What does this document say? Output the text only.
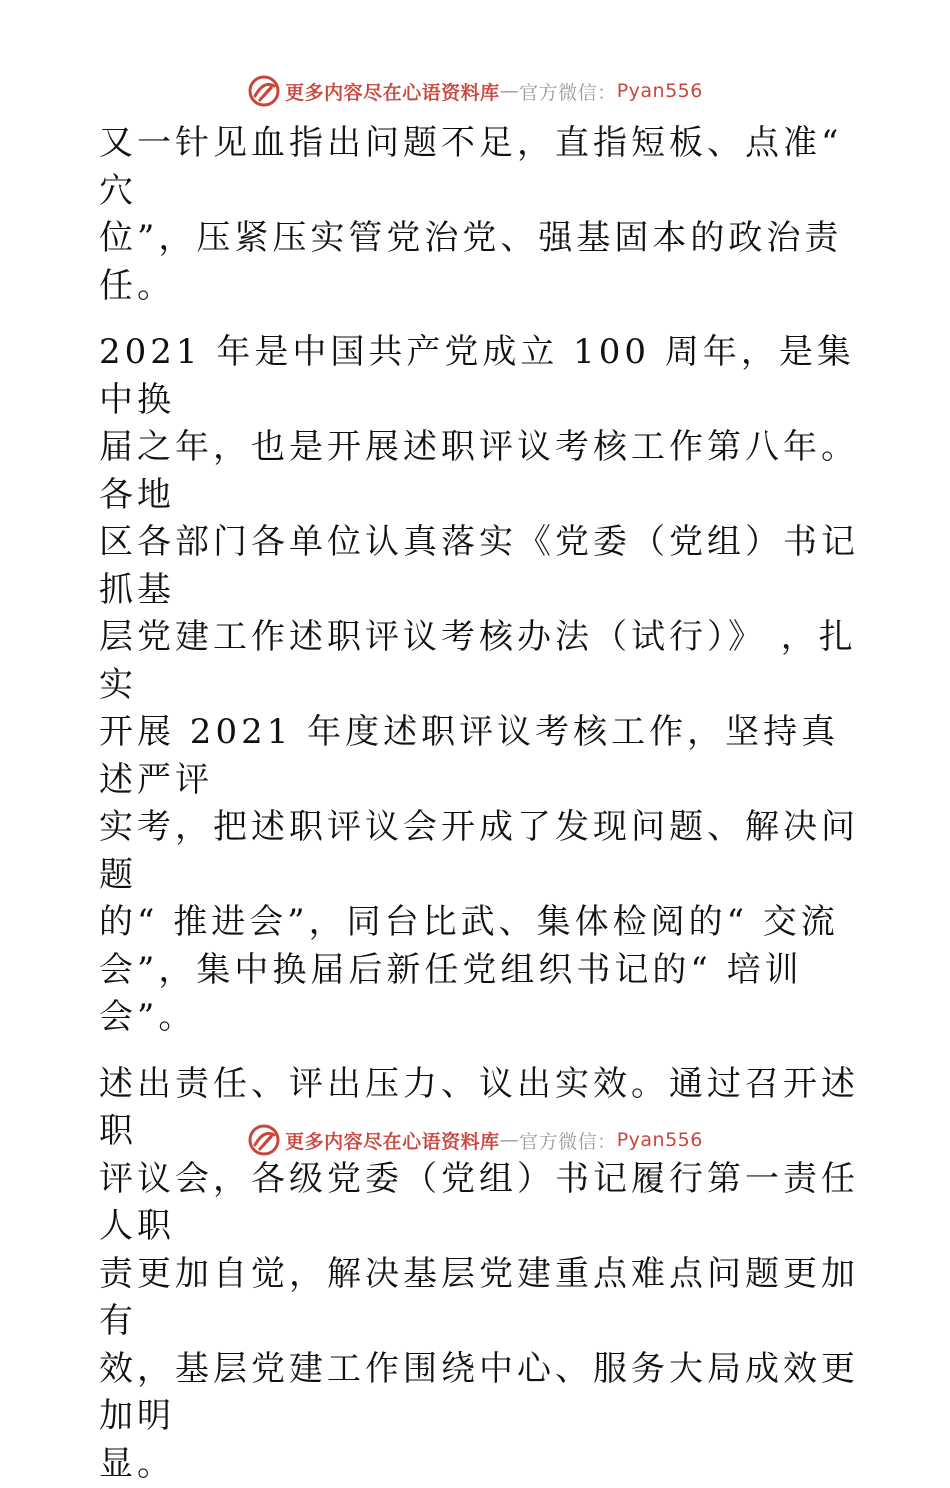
更多内容尽在心语资料库 — 官方微信： Pyan556

又一针见血指出问题不足，直指短板、点准“ 穴
位”，压紧压实管党治党、强基固本的政治责任。

2021 年是中国共产党成立 100 周年，是集中换
届之年，也是开展述职评议考核工作第八年。各地
区各部门各单位认真落实《党委（党组）书记抓基
层党建工作述职评议考核办法（试行）》 ，扎实
开展 2021 年度述职评议考核工作，坚持真述严评
实考，把述职评议会开成了发现问题、解决问题
的“ 推进会”，同台比武、集体检阅的“ 交流
会”，集中换届后新任党组织书记的“ 培训
会”。

述出责任、评出压力、议出实效。通过召开述职
评议会，各级党委（党组）书记履行第一责任人职
责更加自觉，解决基层党建重点难点问题更加有
效，基层党建工作围绕中心、服务大局成效更加明
显。

更多内容尽在心语资料库 — 官方微信： Pyan556
